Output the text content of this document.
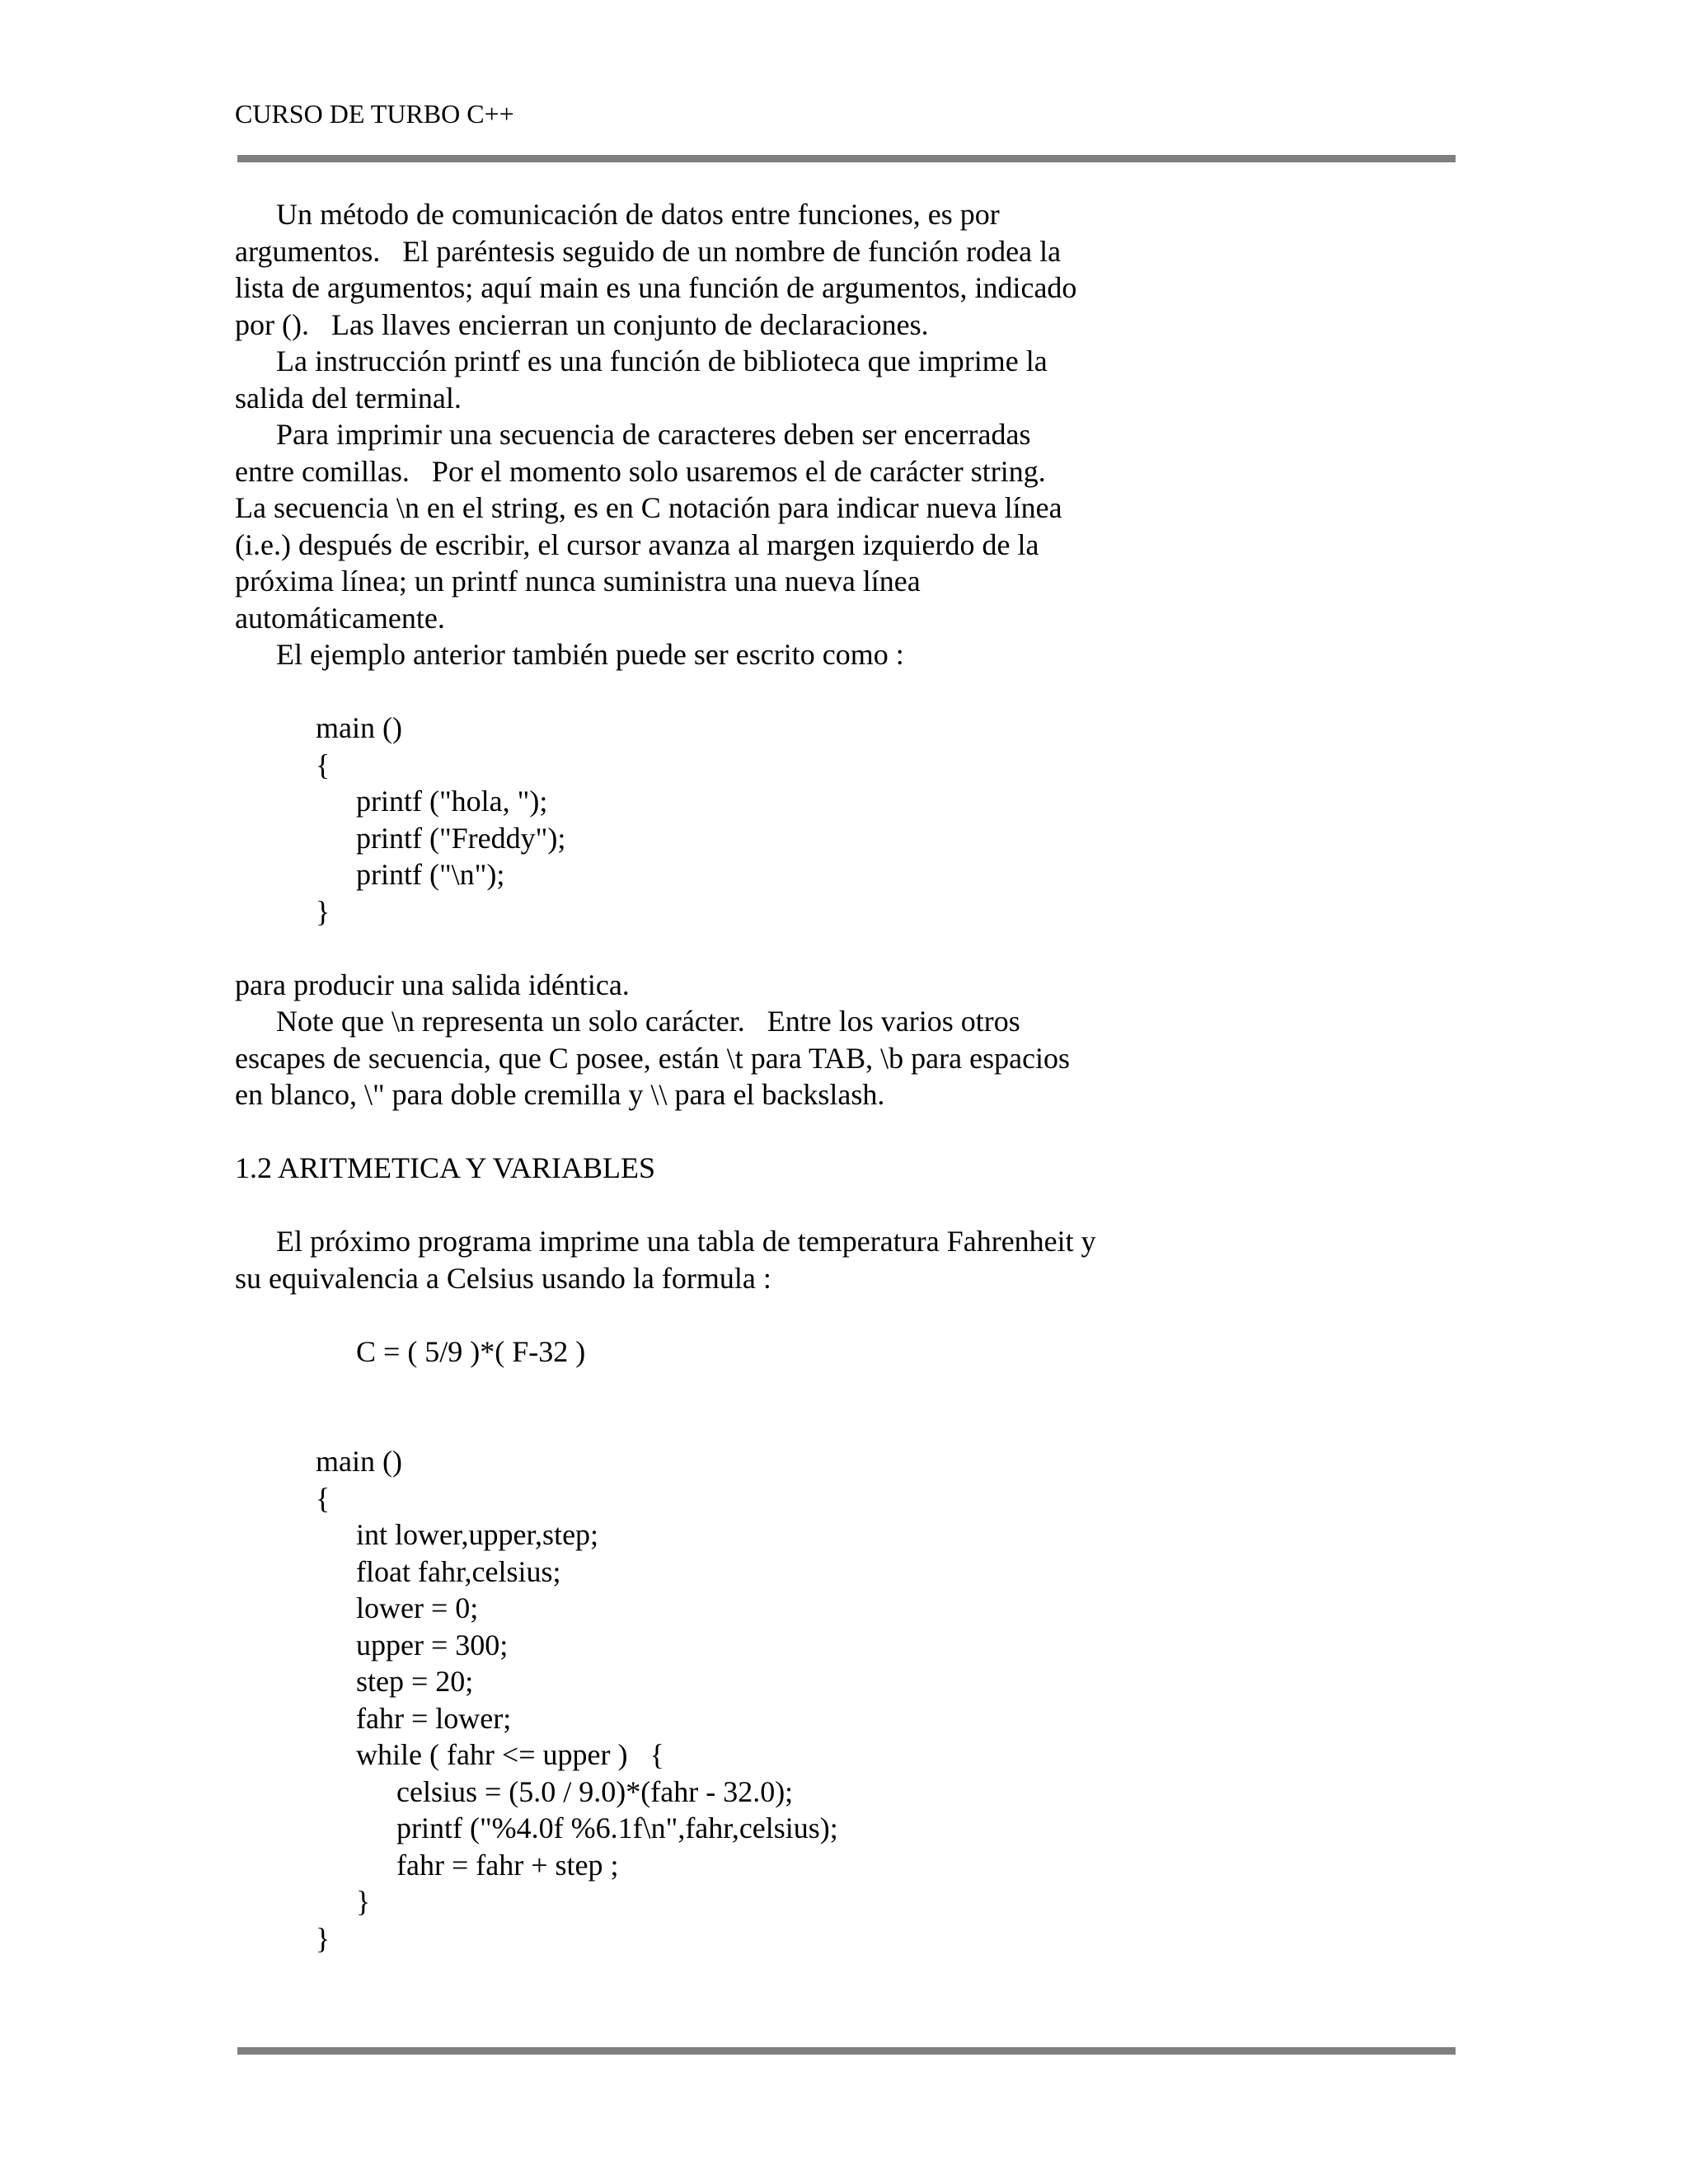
CURSO DE TURBO C++
Un método de comunicación de datos entre funciones, es por
argumentos.   El paréntesis seguido de un nombre de función rodea la
lista de argumentos; aquí main es una función de argumentos, indicado
por ().   Las llaves encierran un conjunto de declaraciones.
La instrucción printf es una función de biblioteca que imprime la
salida del terminal.
Para imprimir una secuencia de caracteres deben ser encerradas
entre comillas.   Por el momento solo usaremos el de carácter string.
La secuencia \n en el string, es en C notación para indicar nueva línea
(i.e.) después de escribir, el cursor avanza al margen izquierdo de la
próxima línea; un printf nunca suministra una nueva línea
automáticamente.
El ejemplo anterior también puede ser escrito como :
main ()
{
printf ("hola, ");
printf ("Freddy");
printf ("\n");
}
para producir una salida idéntica.
Note que \n representa un solo carácter.   Entre los varios otros
escapes de secuencia, que C posee, están \t para TAB, \b para espacios
en blanco, \" para doble cremilla y \\ para el backslash.
1.2 ARITMETICA Y VARIABLES
El próximo programa imprime una tabla de temperatura Fahrenheit y
su equivalencia a Celsius usando la formula :
C = ( 5/9 )*( F-32 )
main ()
{
int lower,upper,step;
float fahr,celsius;
lower = 0;
upper = 300;
step = 20;
fahr = lower;
while ( fahr <= upper )   {
celsius = (5.0 / 9.0)*(fahr - 32.0);
printf ("%4.0f %6.1f\n",fahr,celsius);
fahr = fahr + step ;
}
}
